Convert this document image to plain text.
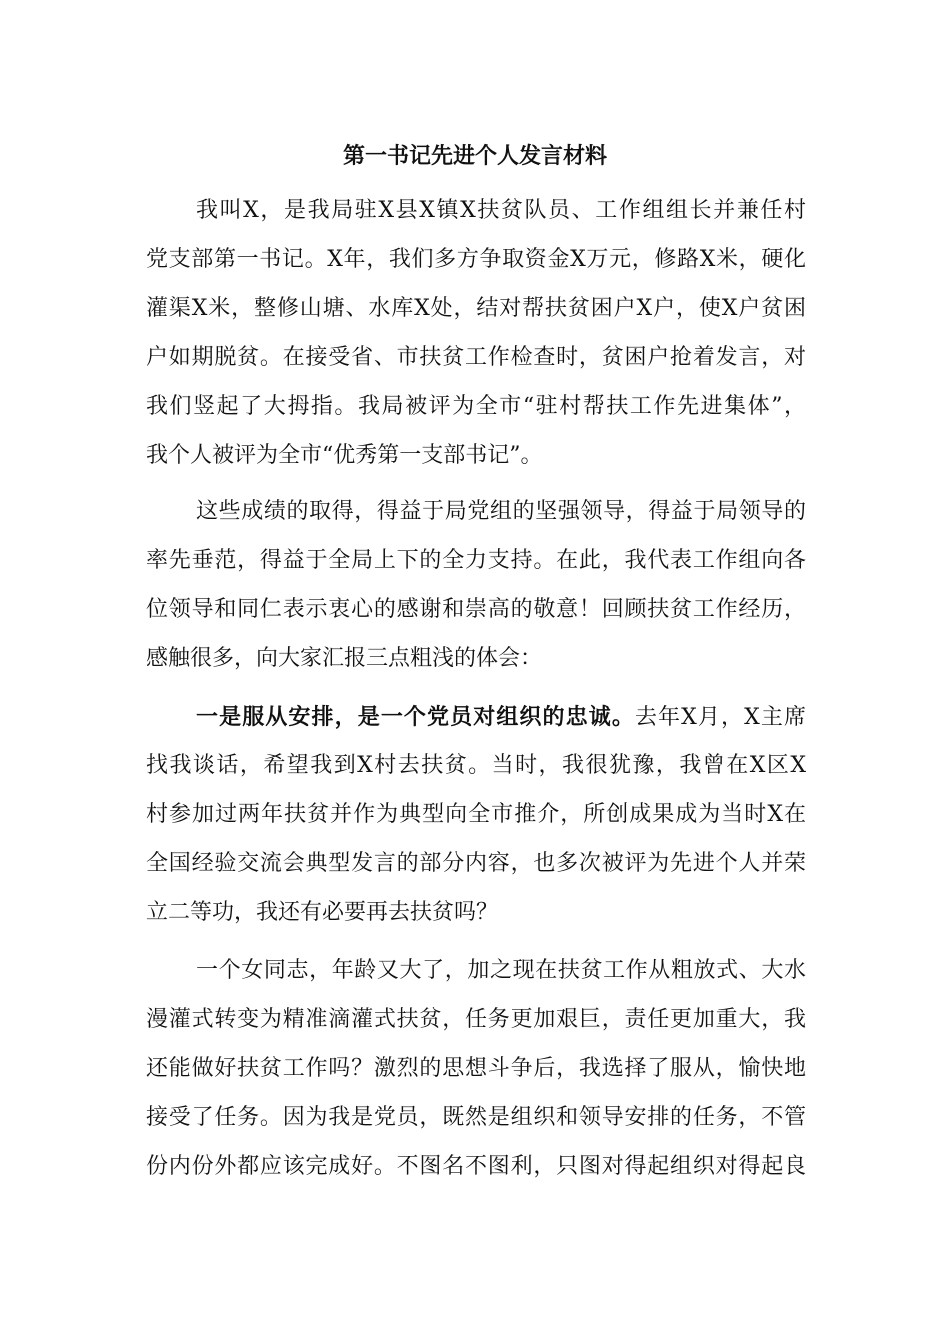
第一书记先进个人发言材料
我叫X，是我局驻X县X镇X扶贫队员、工作组组长并兼任村
党支部第一书记。X年，我们多方争取资金X万元，修路X米，硬化
灌渠X米，整修山塘、水库X处，结对帮扶贫困户X户，使X户贫困
户如期脱贫。在接受省、市扶贫工作检查时，贫困户抢着发言，对
我们竖起了大拇指。我局被评为全市“驻村帮扶工作先进集体”，
我个人被评为全市“优秀第一支部书记”。
这些成绩的取得，得益于局党组的坚强领导，得益于局领导的
率先垂范，得益于全局上下的全力支持。在此，我代表工作组向各
位领导和同仁表示衷心的感谢和崇高的敬意！回顾扶贫工作经历，
感触很多，向大家汇报三点粗浅的体会：
一是服从安排，是一个党员对组织的忠诚。去年X月，X主席
找我谈话，希望我到X村去扶贫。当时，我很犹豫，我曾在X区X
村参加过两年扶贫并作为典型向全市推介，所创成果成为当时X在
全国经验交流会典型发言的部分内容，也多次被评为先进个人并荣
立二等功，我还有必要再去扶贫吗？
一个女同志，年龄又大了，加之现在扶贫工作从粗放式、大水
漫灌式转变为精准滴灌式扶贫，任务更加艰巨，责任更加重大，我
还能做好扶贫工作吗？激烈的思想斗争后，我选择了服从，愉快地
接受了任务。因为我是党员，既然是组织和领导安排的任务，不管
份内份外都应该完成好。不图名不图利，只图对得起组织对得起良
